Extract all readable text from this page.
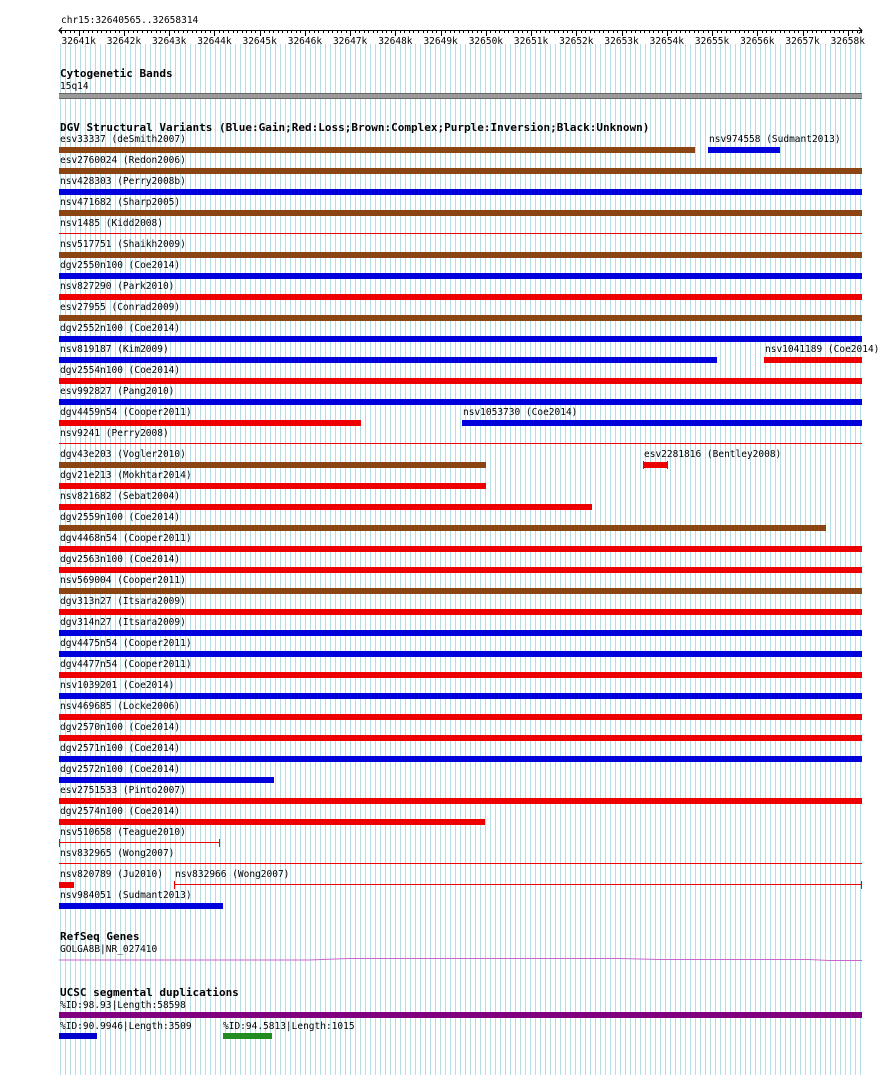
chr15:32640565..32658314
32641k 32642k 32643k 32644k 32645k 32646k 32647k 32648k 32649k 32650k 32651k 32652k 32653k 32654k 32655k 32656k 32657k 32658k
Cytogenetic Bands
15q14
DGV Structural Variants (Blue:Gain;Red:Loss;Brown:Complex;Purple:Inversion;Black:Unknown)
esv33337 (deSmith2007)	nsv974558 (Sudmant2013)
esv2760024 (Redon2006)
nsv428303 (Perry2008b)
nsv471682 (Sharp2005)
nsv1485 (Kidd2008)
nsv517751 (Shaikh2009)
dgv2550n100 (Coe2014)
nsv827290 (Park2010)
esv27955 (Conrad2009)
dgv2552n100 (Coe2014)
nsv819187 (Kim2009)	nsv1041189 (Coe2014)
dgv2554n100 (Coe2014)
esv992827 (Pang2010)
dgv4459n54 (Cooper2011)	nsv1053730 (Coe2014)
nsv9241 (Perry2008)
dgv43e203 (Vogler2010)	esv2281816 (Bentley2008)
dgv21e213 (Mokhtar2014)
nsv821682 (Sebat2004)
dgv2559n100 (Coe2014)
dgv4468n54 (Cooper2011)
dgv2563n100 (Coe2014)
nsv569004 (Cooper2011)
dgv313n27 (Itsara2009)
dgv314n27 (Itsara2009)
dgv4475n54 (Cooper2011)
dgv4477n54 (Cooper2011)
nsv1039201 (Coe2014)
nsv469685 (Locke2006)
dgv2570n100 (Coe2014)
dgv2571n100 (Coe2014)
dgv2572n100 (Coe2014)
esv2751533 (Pinto2007)
dgv2574n100 (Coe2014)
nsv510658 (Teague2010)
nsv832965 (Wong2007)
nsv820789 (Ju2010) nsv832966 (Wong2007)
nsv984051 (Sudmant2013)
RefSeq Genes
GOLGA8B|NR_027410
UCSC segmental duplications
%ID:98.93|Length:58598
%ID:90.9946|Length:3509	%ID:94.5813|Length:1015
